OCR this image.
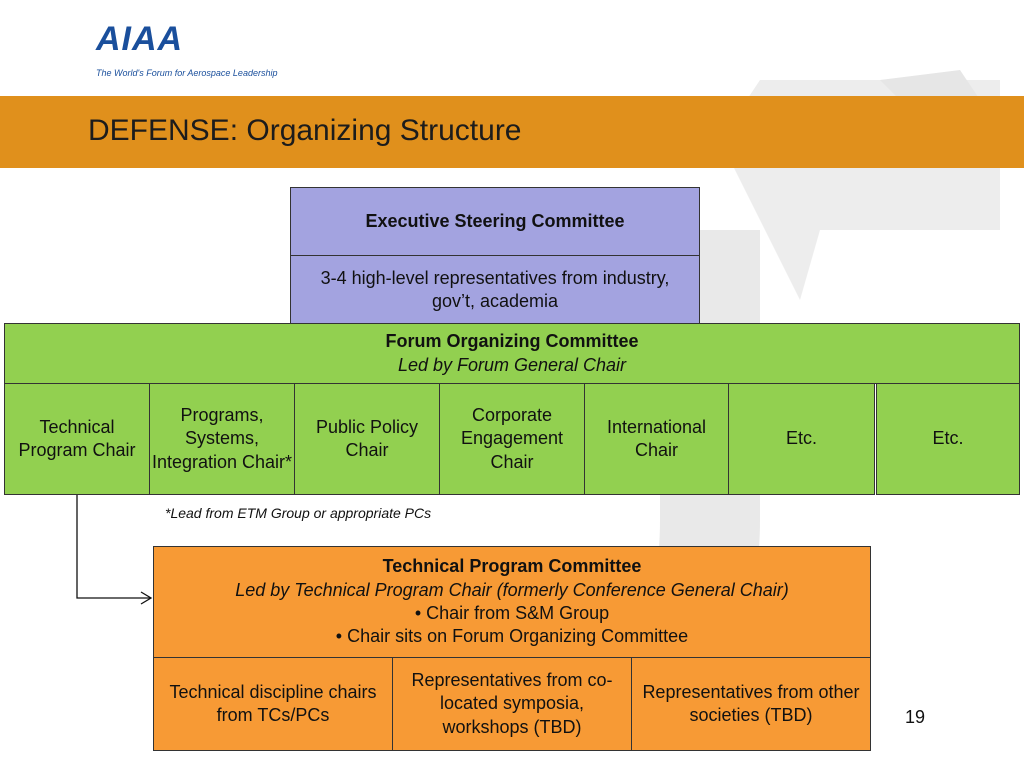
AIAA
The World's Forum for Aerospace Leadership
DEFENSE: Organizing Structure
Executive Steering Committee
3-4 high-level representatives from industry, gov’t, academia
Forum Organizing Committee
Led by Forum General Chair
Technical Program Chair
Programs, Systems, Integration Chair*
Public Policy Chair
Corporate Engagement Chair
International Chair
Etc.	Etc.
*Lead from ETM Group or appropriate PCs
Technical Program Committee
Led by Technical Program Chair (formerly Conference General Chair)
• Chair from S&M Group
• Chair sits on Forum Organizing Committee
Technical discipline chairs from TCs/PCs
Representatives from co-located symposia, workshops (TBD)
Representatives from other societies (TBD)	19
